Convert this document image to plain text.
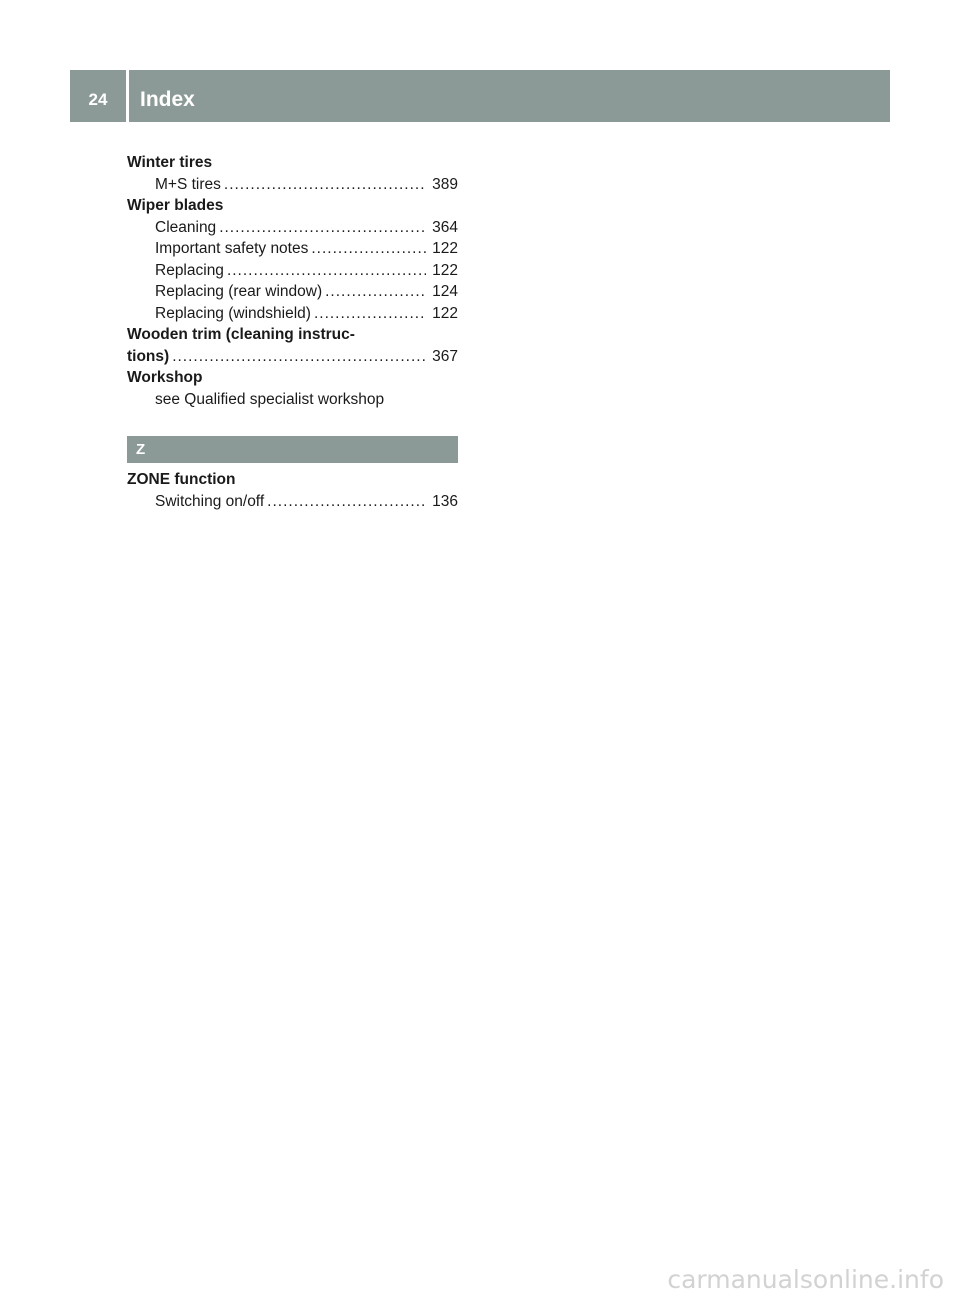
24	Index
Winter tires
M+S tires .....	389
Wiper blades
Cleaning .....	364
Important safety notes .....	122
Replacing .....	122
Replacing (rear window) .....	124
Replacing (windshield) .....	122
Wooden trim (cleaning instruc-
tions) .....	367
Workshop
see Qualified specialist workshop
Z
ZONE function
Switching on/off .....	136
carmanualsonline.info
